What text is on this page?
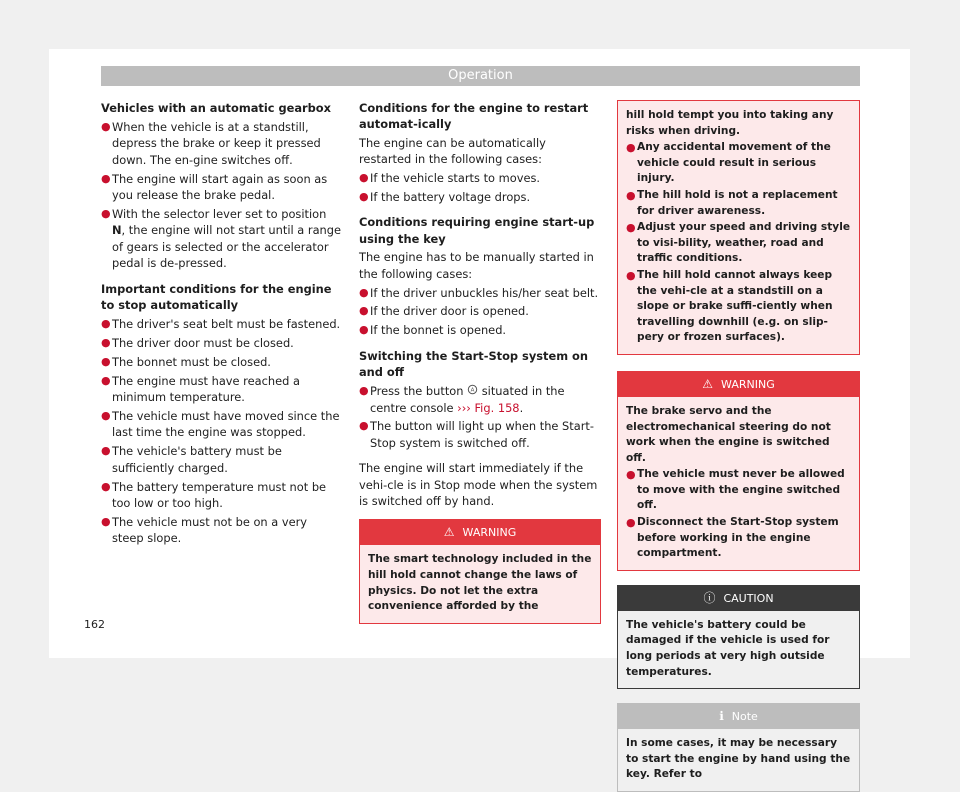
Operation
Vehicles with an automatic gearbox
● When the vehicle is at a standstill, depress the brake or keep it pressed down. The en-gine switches off.
● The engine will start again as soon as you release the brake pedal.
● With the selector lever set to position N, the engine will not start until a range of gears is selected or the accelerator pedal is de-pressed.
Important conditions for the engine to stop automatically
● The driver's seat belt must be fastened.
● The driver door must be closed.
● The bonnet must be closed.
● The engine must have reached a minimum temperature.
● The vehicle must have moved since the last time the engine was stopped.
● The vehicle's battery must be sufficiently charged.
● The battery temperature must not be too low or too high.
● The vehicle must not be on a very steep slope.
Conditions for the engine to restart automat-ically

The engine can be automatically restarted in the following cases:

● If the vehicle starts to moves.
● If the battery voltage drops.
Conditions requiring engine start-up using the key

The engine has to be manually started in the following cases:

● If the driver unbuckles his/her seat belt.
● If the driver door is opened.
● If the bonnet is opened.
Switching the Start-Stop system on and off
● Press the button A situated in the centre console ››› Fig. 158.
● The button will light up when the Start-Stop system is switched off.

The engine will start immediately if the vehi-cle is in Stop mode when the system is switched off by hand.

⚠ WARNING
The smart technology included in the hill hold cannot change the laws of physics. Do not let the extra convenience afforded by the
hill hold tempt you into taking any risks when driving.
● Any accidental movement of the vehicle could result in serious injury.
● The hill hold is not a replacement for driver awareness.
● Adjust your speed and driving style to visi-bility, weather, road and traffic conditions.
● The hill hold cannot always keep the vehi-cle at a standstill on a slope or brake suffi-ciently when travelling downhill (e.g. on slip-pery or frozen surfaces).
⚠ WARNING
The brake servo and the electromechanical steering do not work when the engine is switched off.
● The vehicle must never be allowed to move with the engine switched off.
● Disconnect the Start-Stop system before working in the engine compartment.
ⓘ CAUTION
The vehicle's battery could be damaged if the vehicle is used for long periods at very high outside temperatures.
ℹ Note
In some cases, it may be necessary to start the engine by hand using the key. Refer to
162
